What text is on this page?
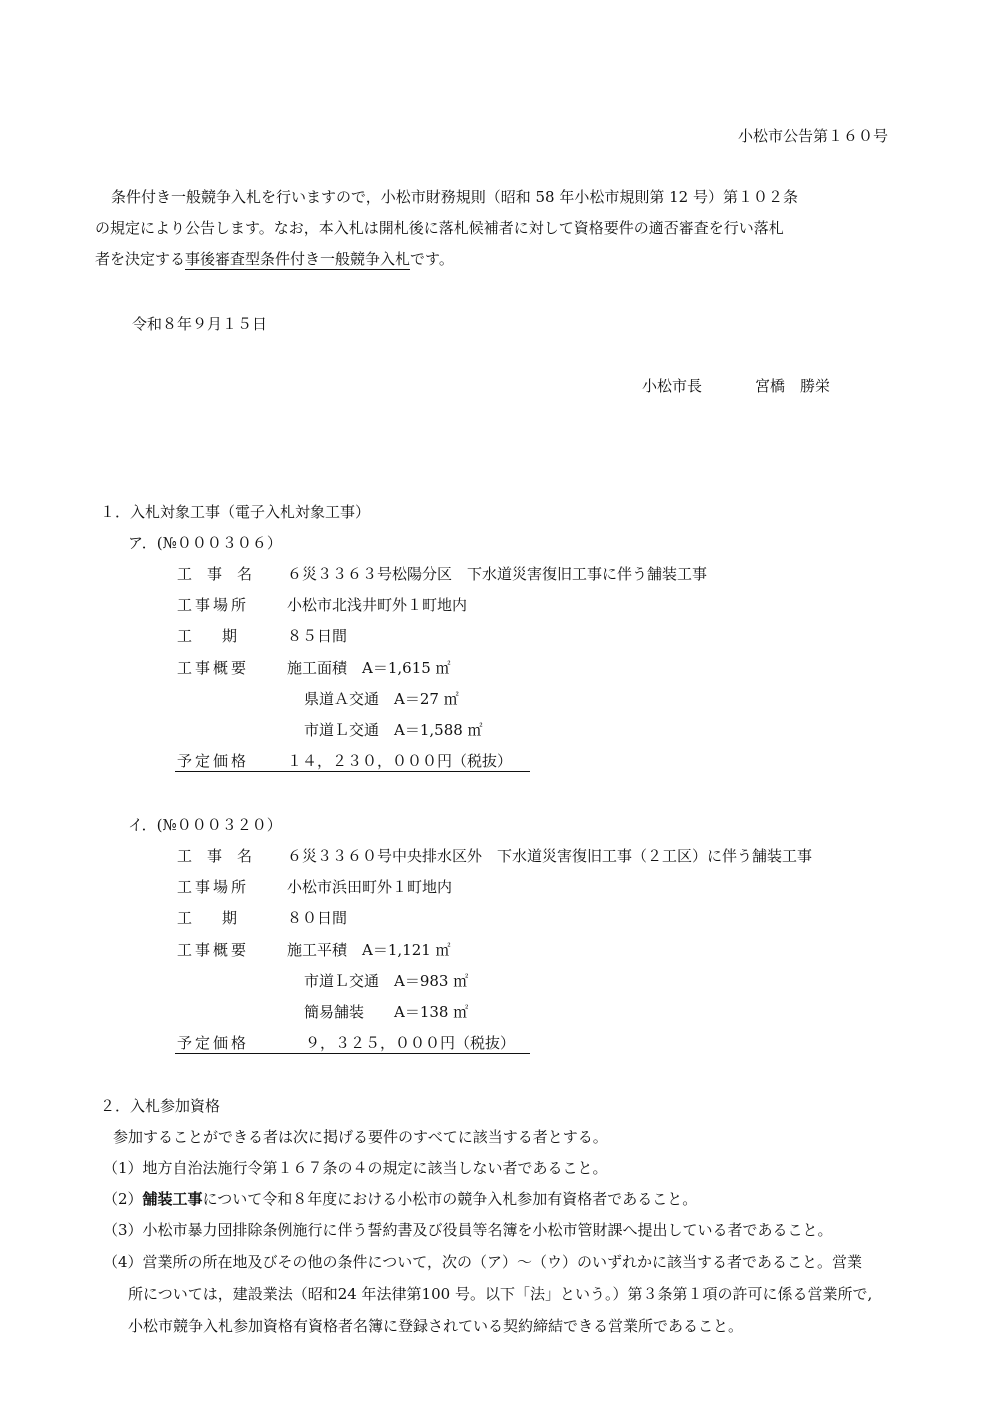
小松市公告第１６０号
条件付き一般競争入札を行いますので，小松市財務規則（昭和 58 年小松市規則第 12 号）第１０２条
の規定により公告します。なお，本入札は開札後に落札候補者に対して資格要件の適否審査を行い落札
者を決定する事後審査型条件付き一般競争入札です。
令和８年９月１５日
小松市長	宮橋　勝栄
１．入札対象工事（電子入札対象工事）
ア．(№０００３０６）
工　事　名 ６災３３６３号松陽分区　下水道災害復旧工事に伴う舗装工事
工事場所	小松市北浅井町外１町地内
工　　期	８５日間
工事概要	施工面積　A＝1,615 ㎡
県道Ａ交通　A＝27 ㎡
市道Ｌ交通　A＝1,588 ㎡
予定価格	１４，２３０，０００円（税抜）
イ．(№０００３２０）
工　事　名 ６災３３６０号中央排水区外　下水道災害復旧工事（２工区）に伴う舗装工事
工事場所	小松市浜田町外１町地内
工　　期	８０日間
工事概要	施工平積　A＝1,121 ㎡
市道Ｌ交通　A＝983 ㎡
簡易舗装　　A＝138 ㎡
予定価格	９，３２５，０００円（税抜）
２．入札参加資格
参加することができる者は次に掲げる要件のすべてに該当する者とする。
（1）地方自治法施行令第１６７条の４の規定に該当しない者であること。
（2）舗装工事について令和８年度における小松市の競争入札参加有資格者であること。
（3）小松市暴力団排除条例施行に伴う誓約書及び役員等名簿を小松市管財課へ提出している者であること。
（4）営業所の所在地及びその他の条件について，次の（ア）～（ウ）のいずれかに該当する者であること。営業
所については，建設業法（昭和24 年法律第100 号。以下「法」という。）第３条第１項の許可に係る営業所で,
小松市競争入札参加資格有資格者名簿に登録されている契約締結できる営業所であること。
